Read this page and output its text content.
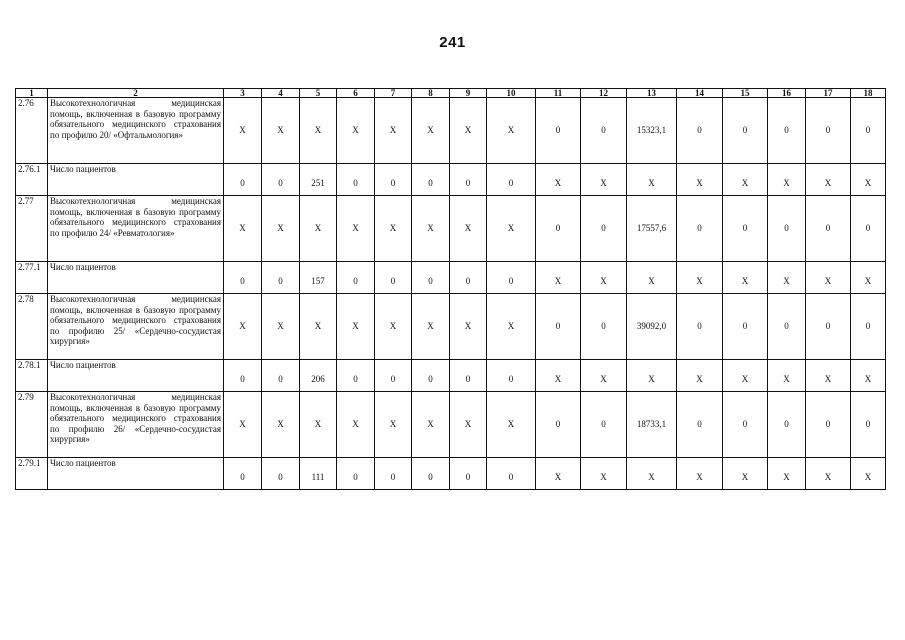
241
1	2	3	4	5	6	7	8	9	10	11	12	13	14	15	16	17	18
2.76	Высокотехнологичная медицинская помощь, включенная в базовую программу обязательного медицинского страхования по профилю 20/ «Офтальмология»	X	X	X	X	X	X	X	X	0	0	15323,1	0	0	0	0	0
2.76.1	Число пациентов	0	0	251	0	0	0	0	0	X	X	X	X	X	X	X	X
2.77	Высокотехнологичная медицинская помощь, включенная в базовую программу обязательного медицинского страхования по профилю 24/ «Ревматология»	X	X	X	X	X	X	X	X	0	0	17557,6	0	0	0	0	0
2.77.1	Число пациентов	0	0	157	0	0	0	0	0	X	X	X	X	X	X	X	X
2.78	Высокотехнологичная медицинская помощь, включенная в базовую программу обязательного медицинского страхования по профилю 25/ «Сердечно-сосудистая хирургия»	X	X	X	X	X	X	X	X	0	0	39092,0	0	0	0	0	0
2.78.1	Число пациентов	0	0	206	0	0	0	0	0	X	X	X	X	X	X	X	X
2.79	Высокотехнологичная медицинская помощь, включенная в базовую программу обязательного медицинского страхования по профилю 26/ «Сердечно-сосудистая хирургия»	X	X	X	X	X	X	X	X	0	0	18733,1	0	0	0	0	0
2.79.1	Число пациентов	0	0	111	0	0	0	0	0	X	X	X	X	X	X	X	X
